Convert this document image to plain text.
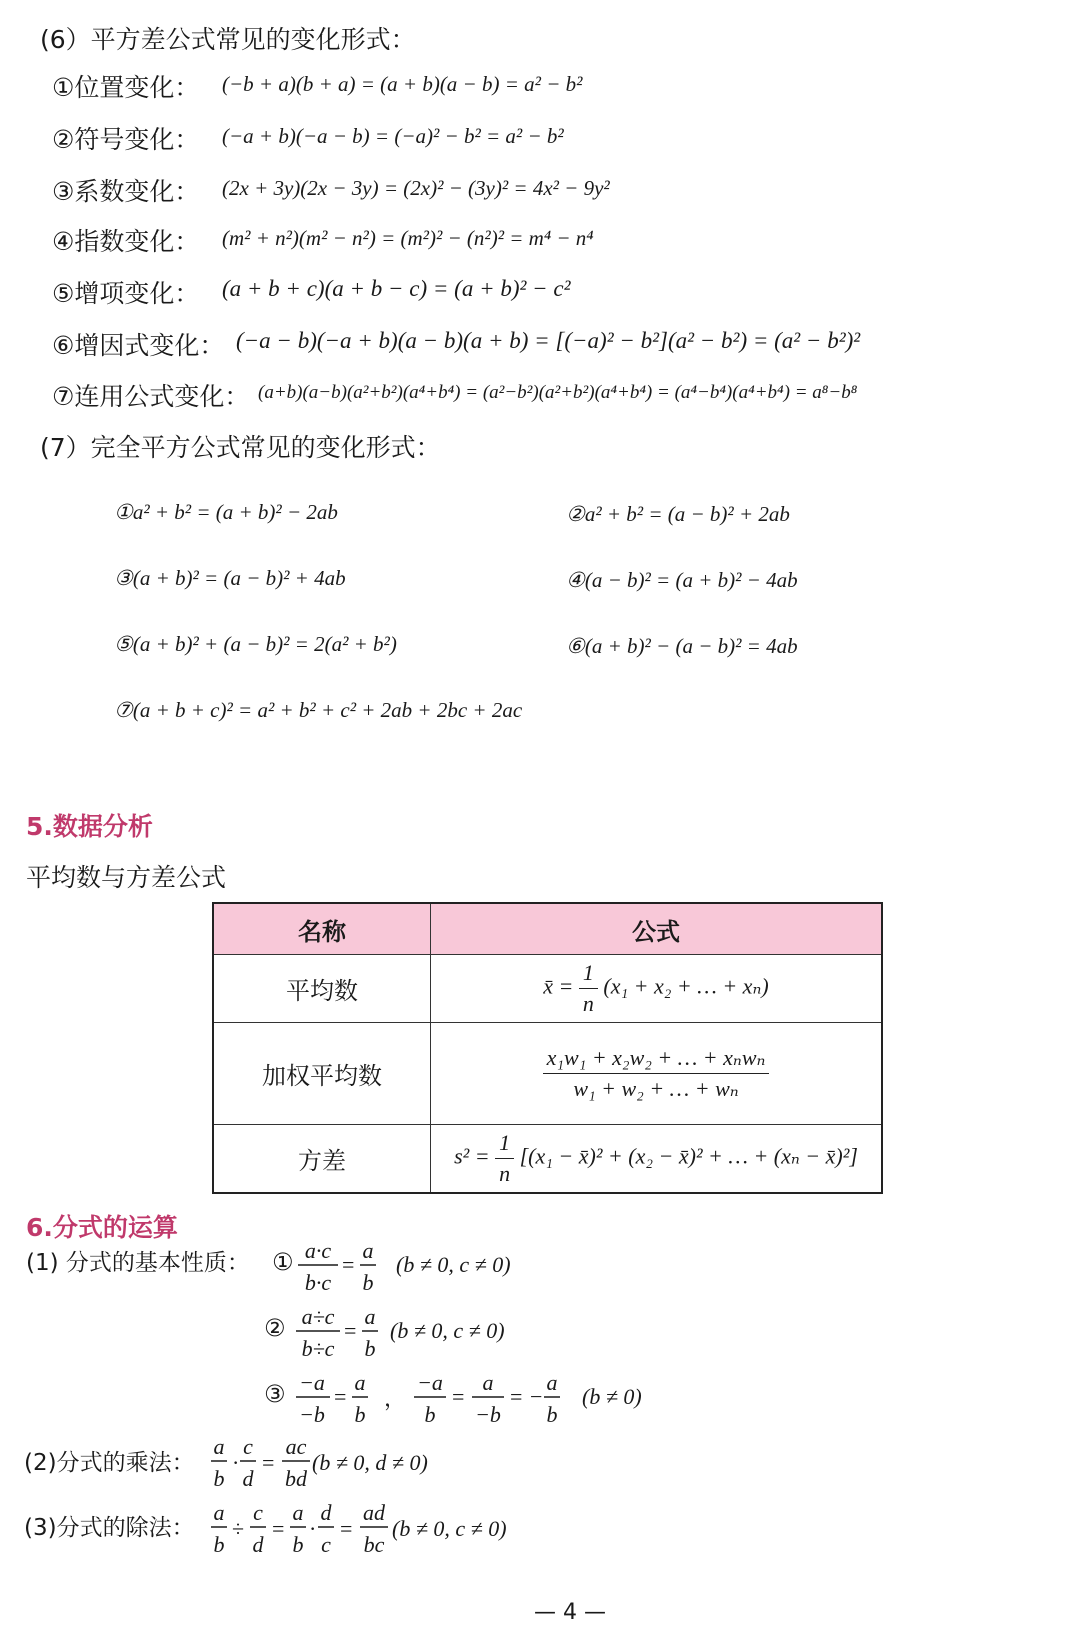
(6）平方差公式常见的变化形式：
①位置变化： (−b + a)(b + a) = (a + b)(a − b) = a² − b²
②符号变化： (−a + b)(−a − b) = (−a)² − b² = a² − b²
③系数变化： (2x + 3y)(2x − 3y) = (2x)² − (3y)² = 4x² − 9y²
④指数变化： (m² + n²)(m² − n²) = (m²)² − (n²)² = m⁴ − n⁴
⑤增项变化： (a + b + c)(a + b − c) = (a + b)² − c²
⑥增因式变化： (−a − b)(−a + b)(a − b)(a + b) = [(−a)² − b²](a² − b²) = (a² − b²)²
⑦连用公式变化： (a+b)(a−b)(a²+b²)(a⁴+b⁴) = (a²−b²)(a²+b²)(a⁴+b⁴) = (a⁴−b⁴)(a⁴+b⁴) = a⁸−b⁸
(7）完全平方公式常见的变化形式：
①a² + b² = (a + b)² − 2ab	②a² + b² = (a − b)² + 2ab
③(a + b)² = (a − b)² + 4ab	④(a − b)² = (a + b)² − 4ab
⑤(a + b)² + (a − b)² = 2(a² + b²)	⑥(a + b)² − (a − b)² = 4ab
⑦(a + b + c)² = a² + b² + c² + 2ab + 2bc + 2ac
5.数据分析
平均数与方差公式
名称	公式
平均数	x̄ = $\frac{1}{n} (x_1 + x_2$ + … + xₙ)
加权平均数	$\frac{\text{x₁w₁ + x₂w₂ + … + xₙwₙ}}{\text{w₁ + w₂ + … + wₙ}}$

方差	$s^2 = \frac{1}{n} [(x_1$ − x̄)² + (x₂ − x̄)² + … + (xₙ − x̄)²]
6.分式的运算
(1) 分式的基本性质： ① a·c
b·c
=
a
b
(b ≠ 0, c ≠ 0)
② a÷c
b÷c
=
a
b
(b ≠ 0, c ≠ 0)
③ −a
−b
=
a
b
，
−a
b
=
a
−b
= −
a
b
(b ≠ 0)
(2)分式的乘法：
a
b
·
c
d
=
ac
bd
(b ≠ 0, d ≠ 0)
(3)分式的除法：
a
b
÷
c
d
=
a
b
·
d
c
=
ad
bc
(b ≠ 0, c ≠ 0)
— 4 —
